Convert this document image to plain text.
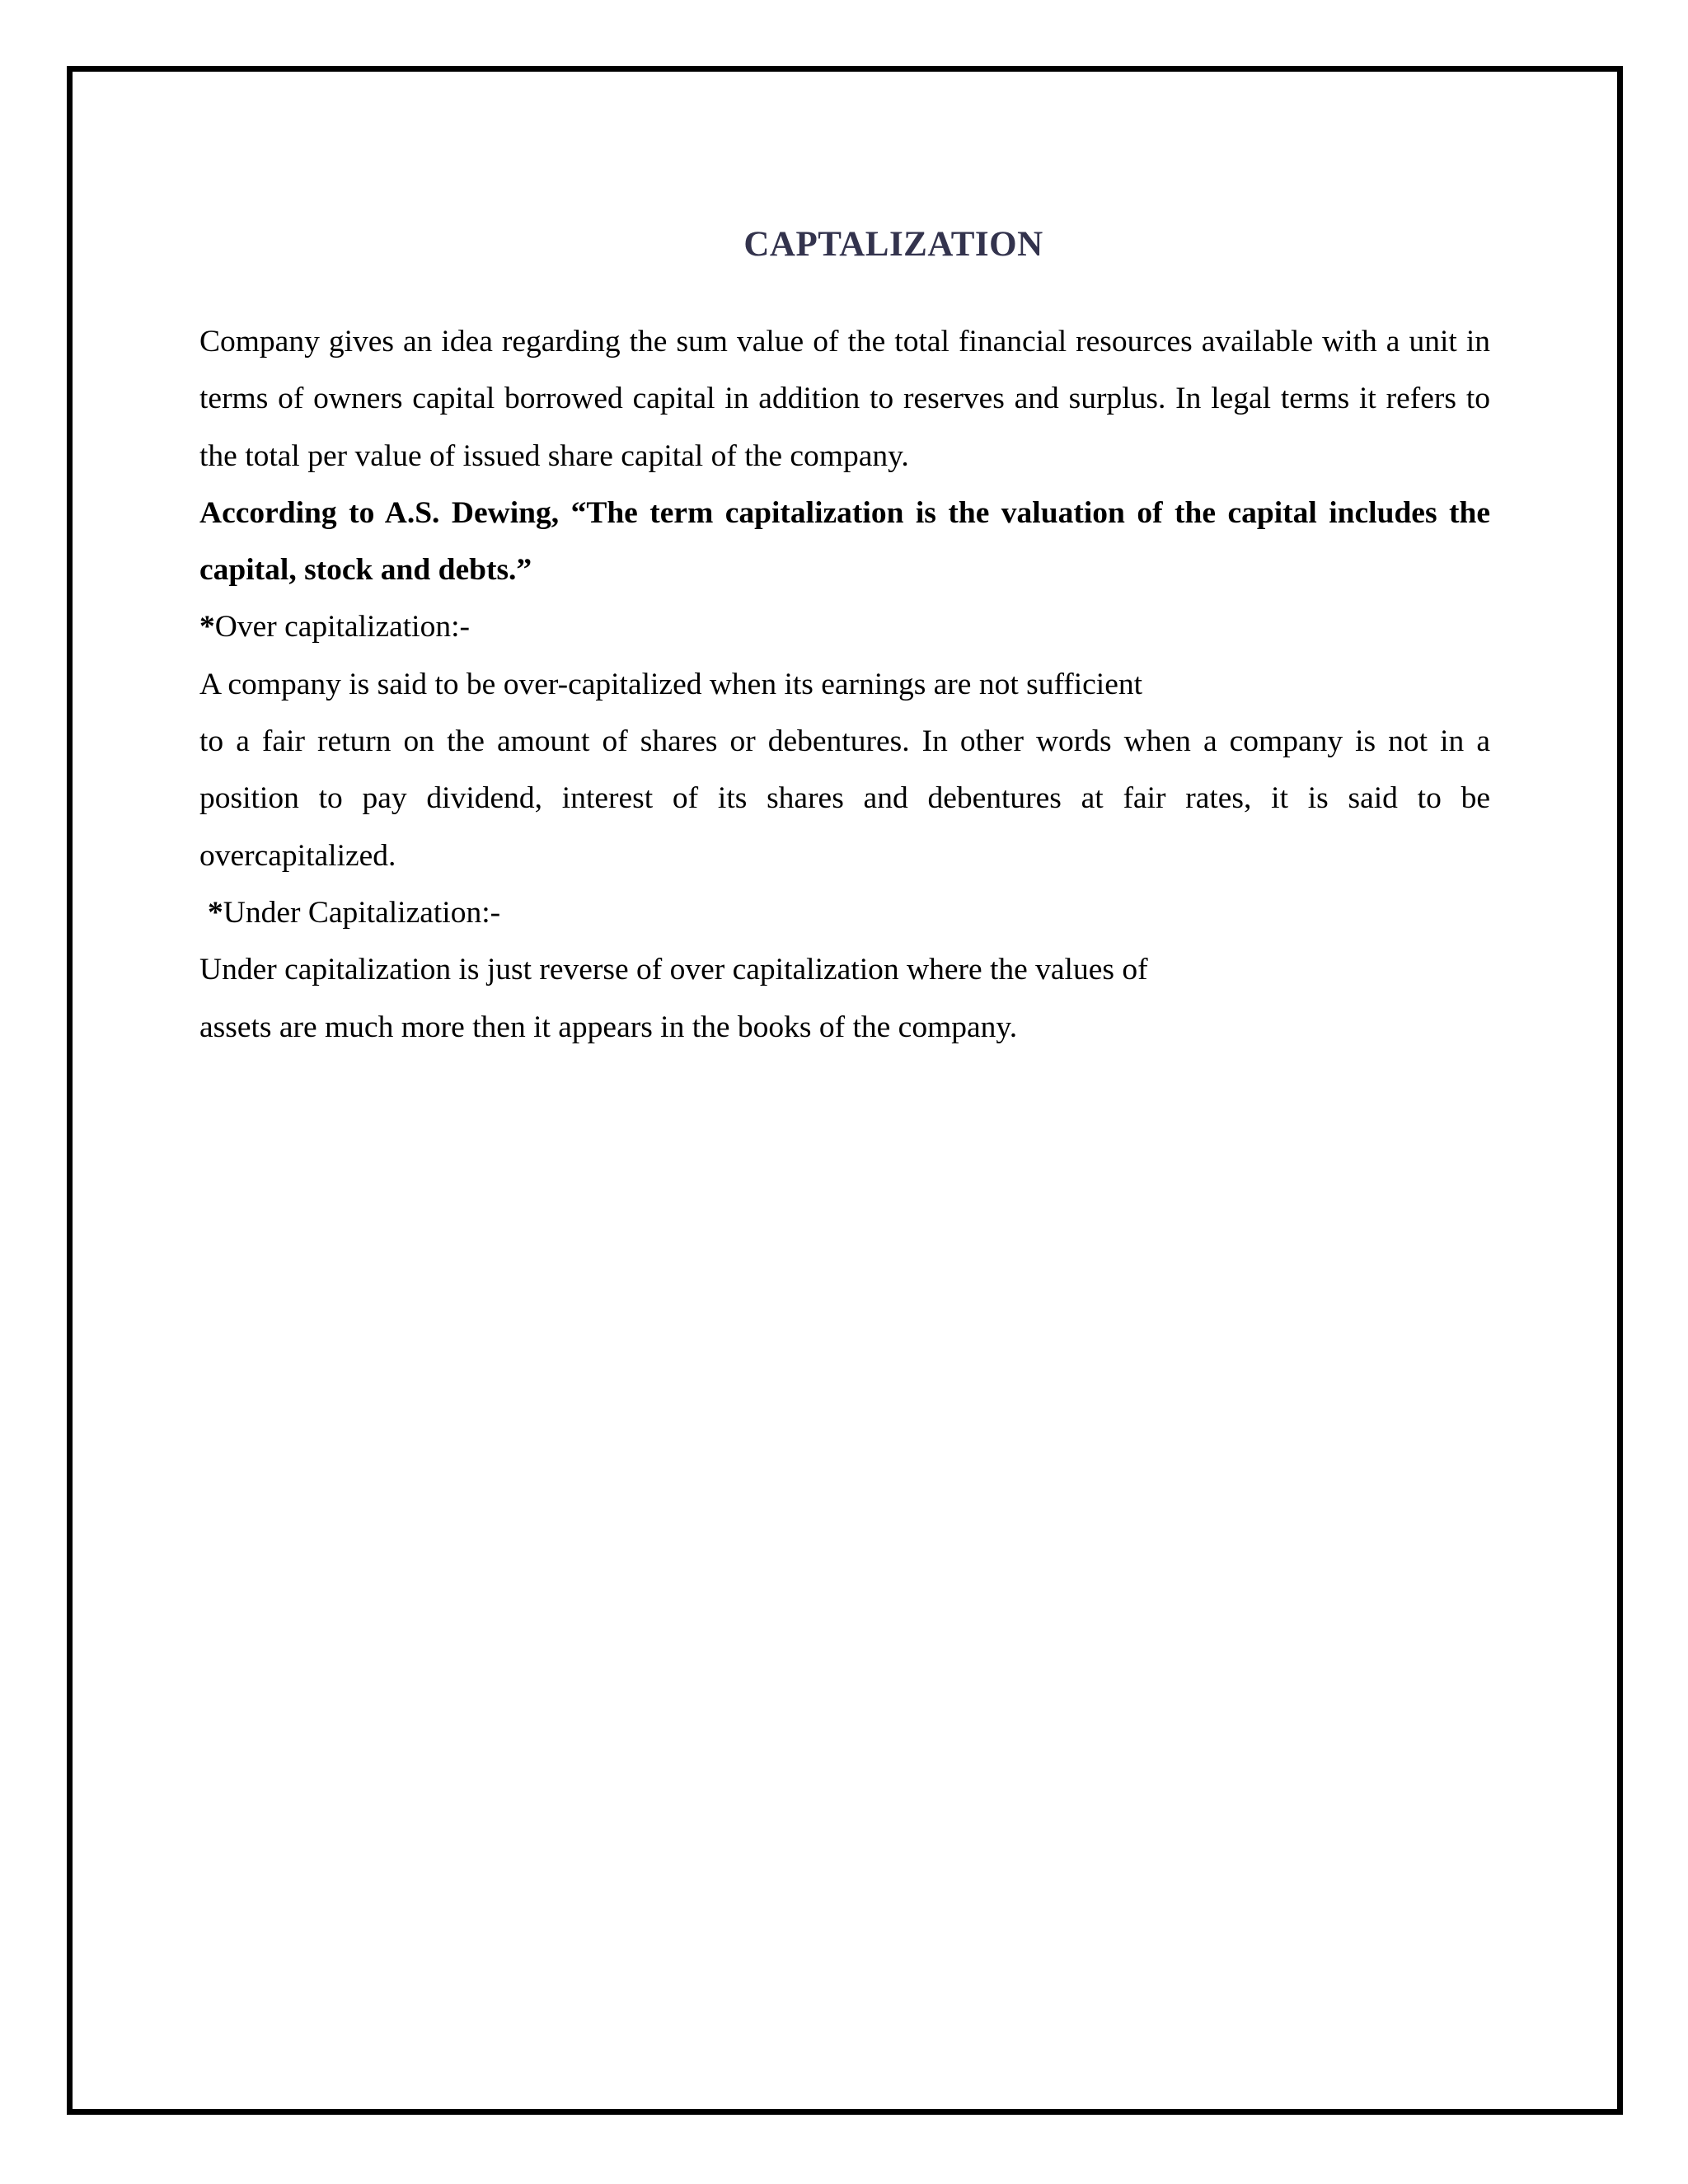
CAPTALIZATION

Company gives an idea regarding the sum value of the total financial resources available with a unit in terms of owners capital borrowed capital in addition to reserves and surplus. In legal terms it refers to the total per value of issued share capital of the company.

According to A.S. Dewing, “The term capitalization is the valuation of the capital includes the capital, stock and debts.”

*Over capitalization:-

A company is said to be over-capitalized when its earnings are not sufficient

to a fair return on the amount of shares or debentures. In other words when a company is not in a position to pay dividend, interest of its shares and debentures at fair rates, it is said to be overcapitalized.

*Under Capitalization:-

Under capitalization is just reverse of over capitalization where the values of

assets are much more then it appears in the books of the company.
